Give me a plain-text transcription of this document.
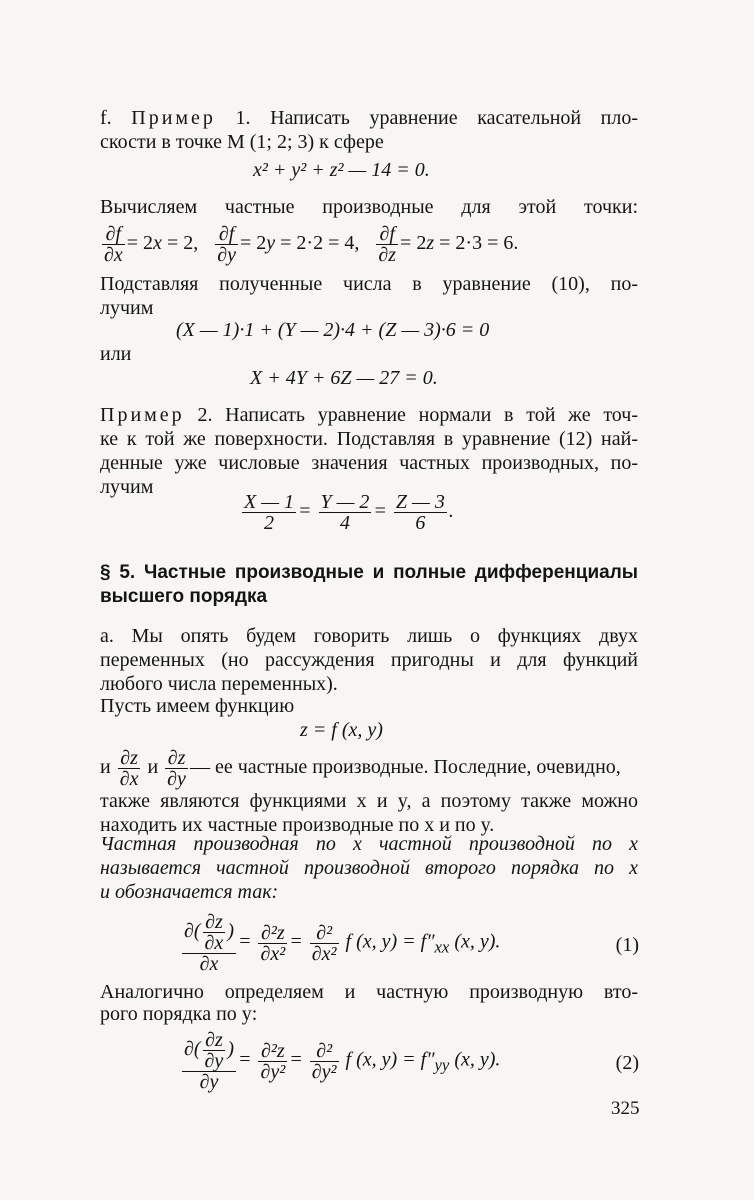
f. Пример 1. Написать уравнение касательной пло-
скости в точке M (1; 2; 3) к сфере
x² + y² + z² — 14 = 0.
Вычисляем частные производные для этой точки:
$\frac{\partial f}{\partial x} = 2x = 2$, $\frac{\partial f}{\partial y} = 2y = 2\cdot 2 = 4$, $\frac{\partial f}{\partial z} = 2z = 2\cdot 3 = 6$.
Подставляя полученные числа в уравнение (10), по-
лучим
(X — 1)·1 + (Y — 2)·4 + (Z — 3)·6 = 0
или
X + 4Y + 6Z — 27 = 0.
Пример 2. Написать уравнение нормали в той же точ-
ке к той же поверхности. Подставляя в уравнение (12) най-
денные уже числовые значения частных производных, по-
лучим
$\frac{X — 1}{2} = \frac{Y — 2}{4} = \frac{Z — 3}{6}$ .
§ 5. Частные производные и полные дифференциалы
высшего порядка
а. Мы опять будем говорить лишь о функциях двух
переменных (но рассуждения пригодны и для функций
любого числа переменных).
Пусть имеем функцию
z = f (x, y)
и $\frac{\partial z}{\partial x}$ и $\frac{\partial z}{\partial y}$ — ее частные производные. Последние, очевидно,
также являются функциями x и y, а поэтому также можно
находить их частные производные по x и по y.
Частная производная по x частной производной по x
называется частной производной второго порядка по x
и обозначается так:
$\frac{\partial( \frac{\partial z}{\partial x} )}{\partial x} = \frac{\text{∂²z}}{\text{∂x²}} = \frac{\text{∂²}}{\text{∂x²}}$ f (x, $y) = f''_{xx}$ (x, y).	(1)
Аналогично определяем и частную производную вто-
рого порядка по y:
$\frac{\partial( \frac{\partial z}{\partial y} )}{\partial y} = \frac{\text{∂²z}}{\text{∂y²}} = \frac{\text{∂²}}{\text{∂y²}}$ f (x, $y) = f''_{yy}$ (x, y).	(2)
325
